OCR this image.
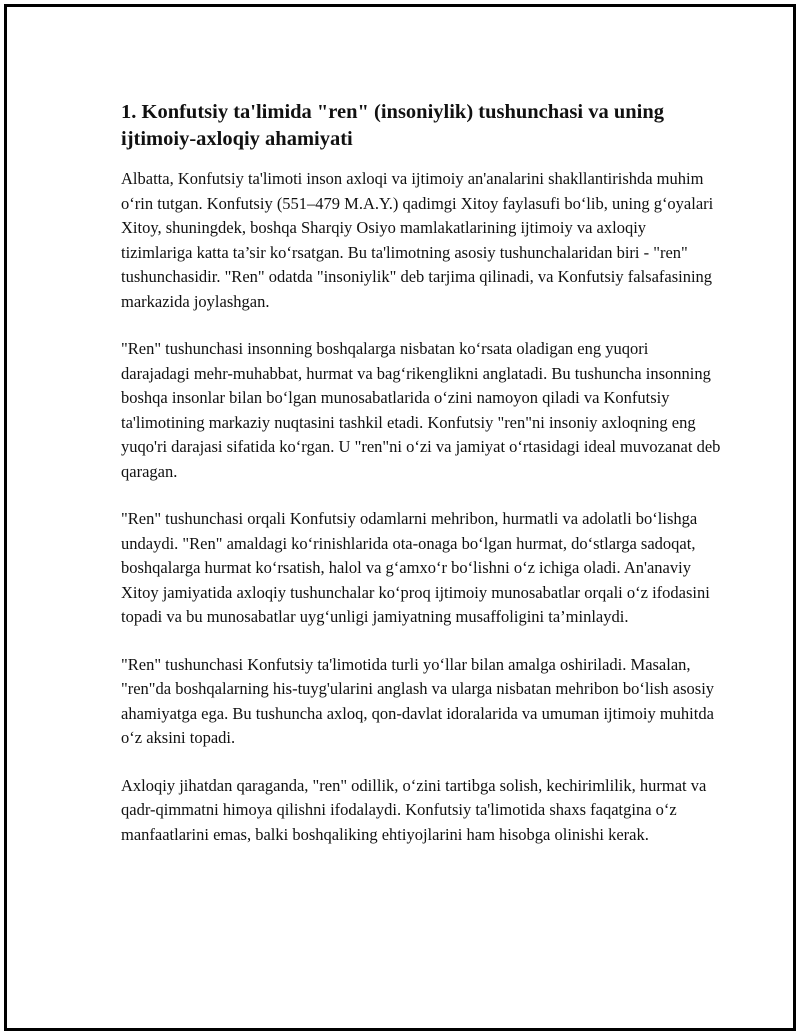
1. Konfutsiy ta'limida "ren" (insoniylik) tushunchasi va uning ijtimoiy-axloqiy ahamiyati

Albatta, Konfutsiy ta'limoti inson axloqi va ijtimoiy an'analarini shakllantirishda muhim o‘rin tutgan. Konfutsiy (551–479 M.A.Y.) qadimgi Xitoy faylasufi bo‘lib, uning g‘oyalari Xitoy, shuningdek, boshqa Sharqiy Osiyo mamlakatlarining ijtimoiy va axloqiy tizimlariga katta ta’sir ko‘rsatgan. Bu ta'limotning asosiy tushunchalaridan biri - "ren" tushunchasidir. "Ren" odatda "insoniylik" deb tarjima qilinadi, va Konfutsiy falsafasining markazida joylashgan.

"Ren" tushunchasi insonning boshqalarga nisbatan ko‘rsata oladigan eng yuqori darajadagi mehr-muhabbat, hurmat va bag‘rikenglikni anglatadi. Bu tushuncha insonning boshqa insonlar bilan bo‘lgan munosabatlarida o‘zini namoyon qiladi va Konfutsiy ta'limotining markaziy nuqtasini tashkil etadi. Konfutsiy "ren"ni insoniy axloqning eng yuqo'ri darajasi sifatida ko‘rgan. U "ren"ni o‘zi va jamiyat o‘rtasidagi ideal muvozanat deb qaragan.

"Ren" tushunchasi orqali Konfutsiy odamlarni mehribon, hurmatli va adolatli bo‘lishga undaydi. "Ren" amaldagi ko‘rinishlarida ota-onaga bo‘lgan hurmat, do‘stlarga sadoqat, boshqalarga hurmat ko‘rsatish, halol va g‘amxo‘r bo‘lishni o‘z ichiga oladi. An'anaviy Xitoy jamiyatida axloqiy tushunchalar ko‘proq ijtimoiy munosabatlar orqali o‘z ifodasini topadi va bu munosabatlar uyg‘unligi jamiyatning musaffoligini ta’minlaydi.

"Ren" tushunchasi Konfutsiy ta'limotida turli yo‘llar bilan amalga oshiriladi. Masalan, "ren"da boshqalarning his-tuyg'ularini anglash va ularga nisbatan mehribon bo‘lish asosiy ahamiyatga ega. Bu tushuncha axloq, qon-davlat idoralarida va umuman ijtimoiy muhitda o‘z aksini topadi.

Axloqiy jihatdan qaraganda, "ren" odillik, o‘zini tartibga solish, kechirimlilik, hurmat va qadr-qimmatni himoya qilishni ifodalaydi. Konfutsiy ta'limotida shaxs faqatgina o‘z manfaatlarini emas, balki boshqaliking ehtiyojlarini ham hisobga olinishi kerak.
